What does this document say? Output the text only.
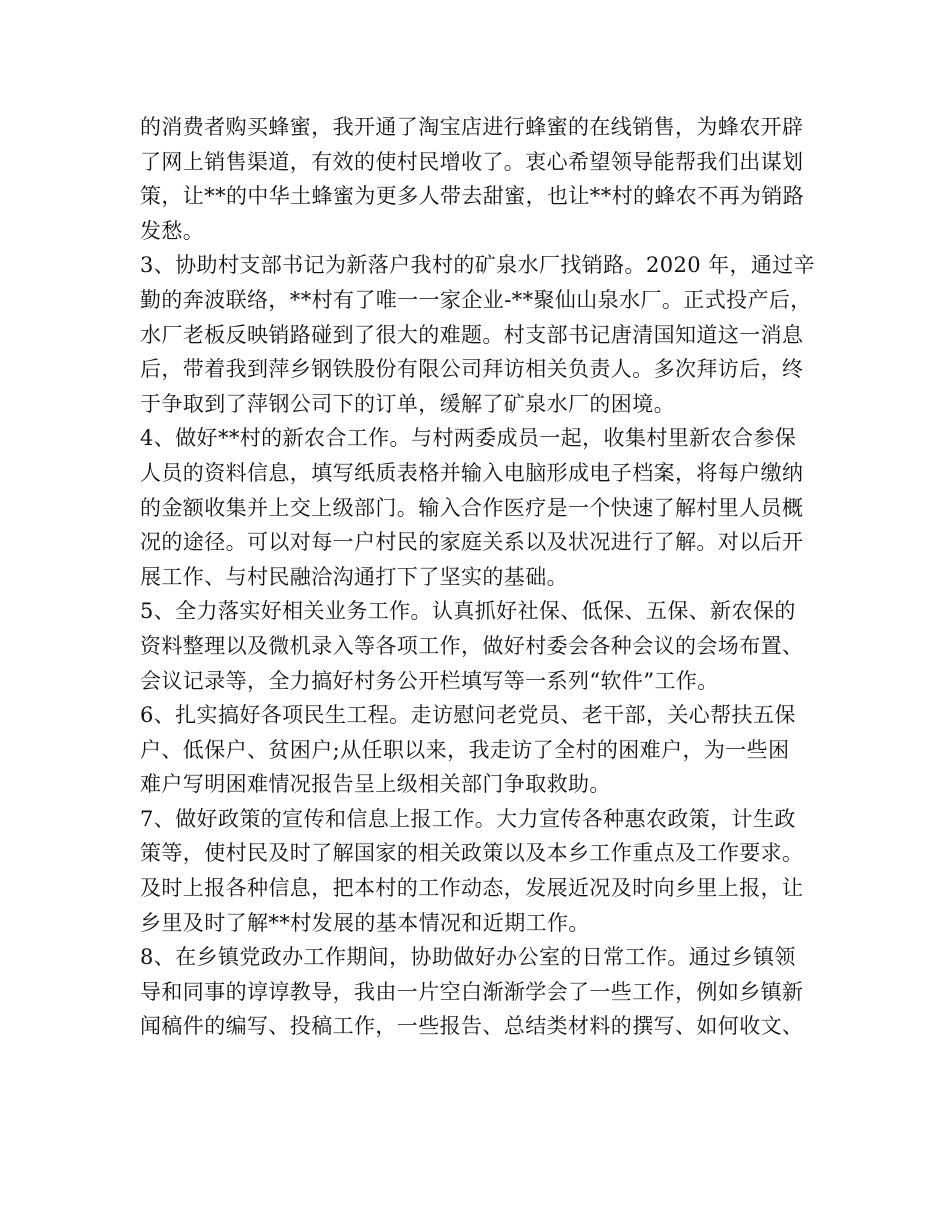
的消费者购买蜂蜜，我开通了淘宝店进行蜂蜜的在线销售，为蜂农开辟
了网上销售渠道，有效的使村民增收了。衷心希望领导能帮我们出谋划
策，让**的中华土蜂蜜为更多人带去甜蜜，也让**村的蜂农不再为销路
发愁。
3、协助村支部书记为新落户我村的矿泉水厂找销路。2020 年，通过辛
勤的奔波联络，**村有了唯一一家企业-**聚仙山泉水厂。正式投产后，
水厂老板反映销路碰到了很大的难题。村支部书记唐清国知道这一消息
后，带着我到萍乡钢铁股份有限公司拜访相关负责人。多次拜访后，终
于争取到了萍钢公司下的订单，缓解了矿泉水厂的困境。
4、做好**村的新农合工作。与村两委成员一起，收集村里新农合参保
人员的资料信息，填写纸质表格并输入电脑形成电子档案，将每户缴纳
的金额收集并上交上级部门。输入合作医疗是一个快速了解村里人员概
况的途径。可以对每一户村民的家庭关系以及状况进行了解。对以后开
展工作、与村民融洽沟通打下了坚实的基础。
5、全力落实好相关业务工作。认真抓好社保、低保、五保、新农保的
资料整理以及微机录入等各项工作，做好村委会各种会议的会场布置、
会议记录等，全力搞好村务公开栏填写等一系列“软件”工作。
6、扎实搞好各项民生工程。走访慰问老党员、老干部，关心帮扶五保
户、低保户、贫困户;从任职以来，我走访了全村的困难户，为一些困
难户写明困难情况报告呈上级相关部门争取救助。
7、做好政策的宣传和信息上报工作。大力宣传各种惠农政策，计生政
策等，使村民及时了解国家的相关政策以及本乡工作重点及工作要求。
及时上报各种信息，把本村的工作动态，发展近况及时向乡里上报，让
乡里及时了解**村发展的基本情况和近期工作。
8、在乡镇党政办工作期间，协助做好办公室的日常工作。通过乡镇领
导和同事的谆谆教导，我由一片空白渐渐学会了一些工作，例如乡镇新
闻稿件的编写、投稿工作，一些报告、总结类材料的撰写、如何收文、
